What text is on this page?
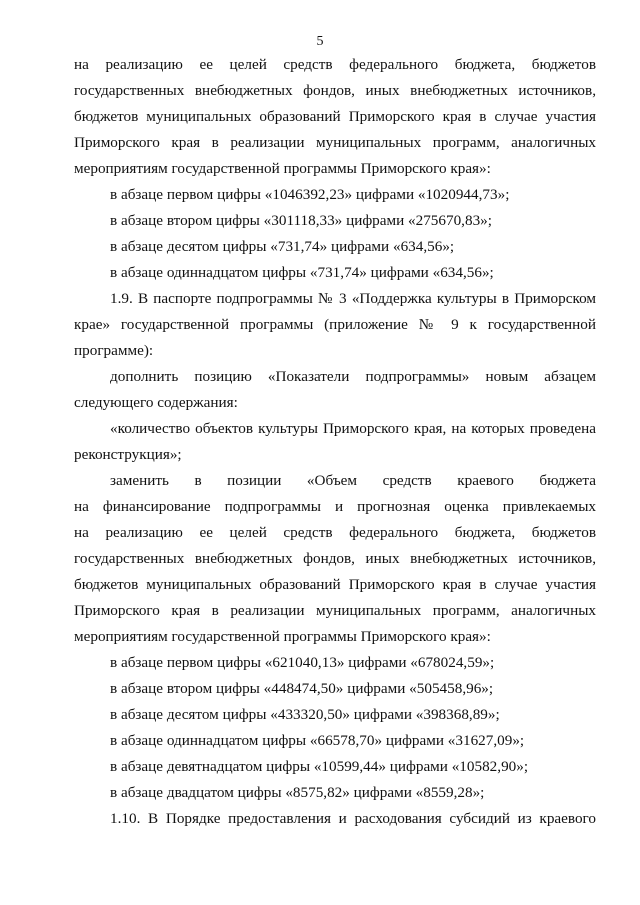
5
на реализацию ее целей средств федерального бюджета, бюджетов
государственных внебюджетных фондов, иных внебюджетных источников,
бюджетов муниципальных образований Приморского края в случае участия
Приморского края в реализации муниципальных программ, аналогичных
мероприятиям государственной программы Приморского края»:
в абзаце первом цифры «1046392,23» цифрами «1020944,73»;
в абзаце втором цифры «301118,33» цифрами «275670,83»;
в абзаце десятом цифры «731,74» цифрами «634,56»;
в абзаце одиннадцатом цифры «731,74» цифрами «634,56»;
1.9. В паспорте подпрограммы № 3 «Поддержка культуры в Приморском
крае» государственной программы (приложение № 9 к государственной
программе):
дополнить позицию «Показатели подпрограммы» новым абзацем
следующего содержания:
«количество объектов культуры Приморского края, на которых проведена
реконструкция»;
заменить в позиции «Объем средств краевого бюджета
на финансирование подпрограммы и прогнозная оценка привлекаемых
на реализацию ее целей средств федерального бюджета, бюджетов
государственных внебюджетных фондов, иных внебюджетных источников,
бюджетов муниципальных образований Приморского края в случае участия
Приморского края в реализации муниципальных программ, аналогичных
мероприятиям государственной программы Приморского края»:
в абзаце первом цифры «621040,13» цифрами «678024,59»;
в абзаце втором цифры «448474,50» цифрами «505458,96»;
в абзаце десятом цифры «433320,50» цифрами «398368,89»;
в абзаце одиннадцатом цифры «66578,70» цифрами «31627,09»;
в абзаце девятнадцатом цифры «10599,44» цифрами «10582,90»;
в абзаце двадцатом цифры «8575,82» цифрами «8559,28»;
1.10. В Порядке предоставления и расходования субсидий из краевого
